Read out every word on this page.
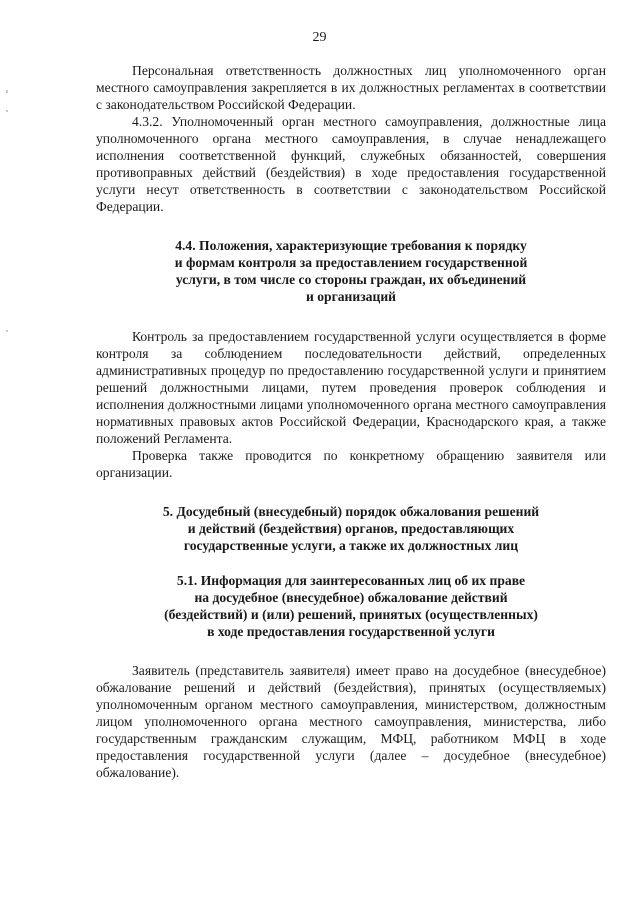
29

Персональная ответственность должностных лиц уполномоченного орган местного самоуправления закрепляется в их должностных регламентах в соответствии с законодательством Российской Федерации.

4.3.2. Уполномоченный орган местного самоуправления, должностные лица уполномоченного органа местного самоуправления, в случае ненадлежащего исполнения соответственной функций, служебных обязанностей, совершения противоправных действий (бездействия) в ходе предоставления государственной услуги несут ответственность в соответствии с законодательством Российской Федерации.

4.4. Положения, характеризующие требования к порядку

и формам контроля за предоставлением государственной

услуги, в том числе со стороны граждан, их объединений

и организаций

Контроль за предоставлением государственной услуги осуществляется в форме контроля за соблюдением последовательности действий, определенных административных процедур по предоставлению государственной услуги и принятием решений должностными лицами, путем проведения проверок соблюдения и исполнения должностными лицами уполномоченного органа местного самоуправления нормативных правовых актов Российской Федерации, Краснодарского края, а также положений Регламента.

Проверка также проводится по конкретному обращению заявителя или организации.

5. Досудебный (внесудебный) порядок обжалования решений

и действий (бездействия) органов, предоставляющих

государственные услуги, а также их должностных лиц

5.1. Информация для заинтересованных лиц об их праве

на досудебное (внесудебное) обжалование действий

(бездействий) и (или) решений, принятых (осуществленных)

в ходе предоставления государственной услуги

Заявитель (представитель заявителя) имеет право на досудебное (внесудебное) обжалование решений и действий (бездействия), принятых (осуществляемых) уполномоченным органом местного самоуправления, министерством, должностным лицом уполномоченного органа местного самоуправления, министерства, либо государственным гражданским служащим, МФЦ, работником МФЦ в ходе предоставления государственной услуги (далее – досудебное (внесудебное) обжалование).
